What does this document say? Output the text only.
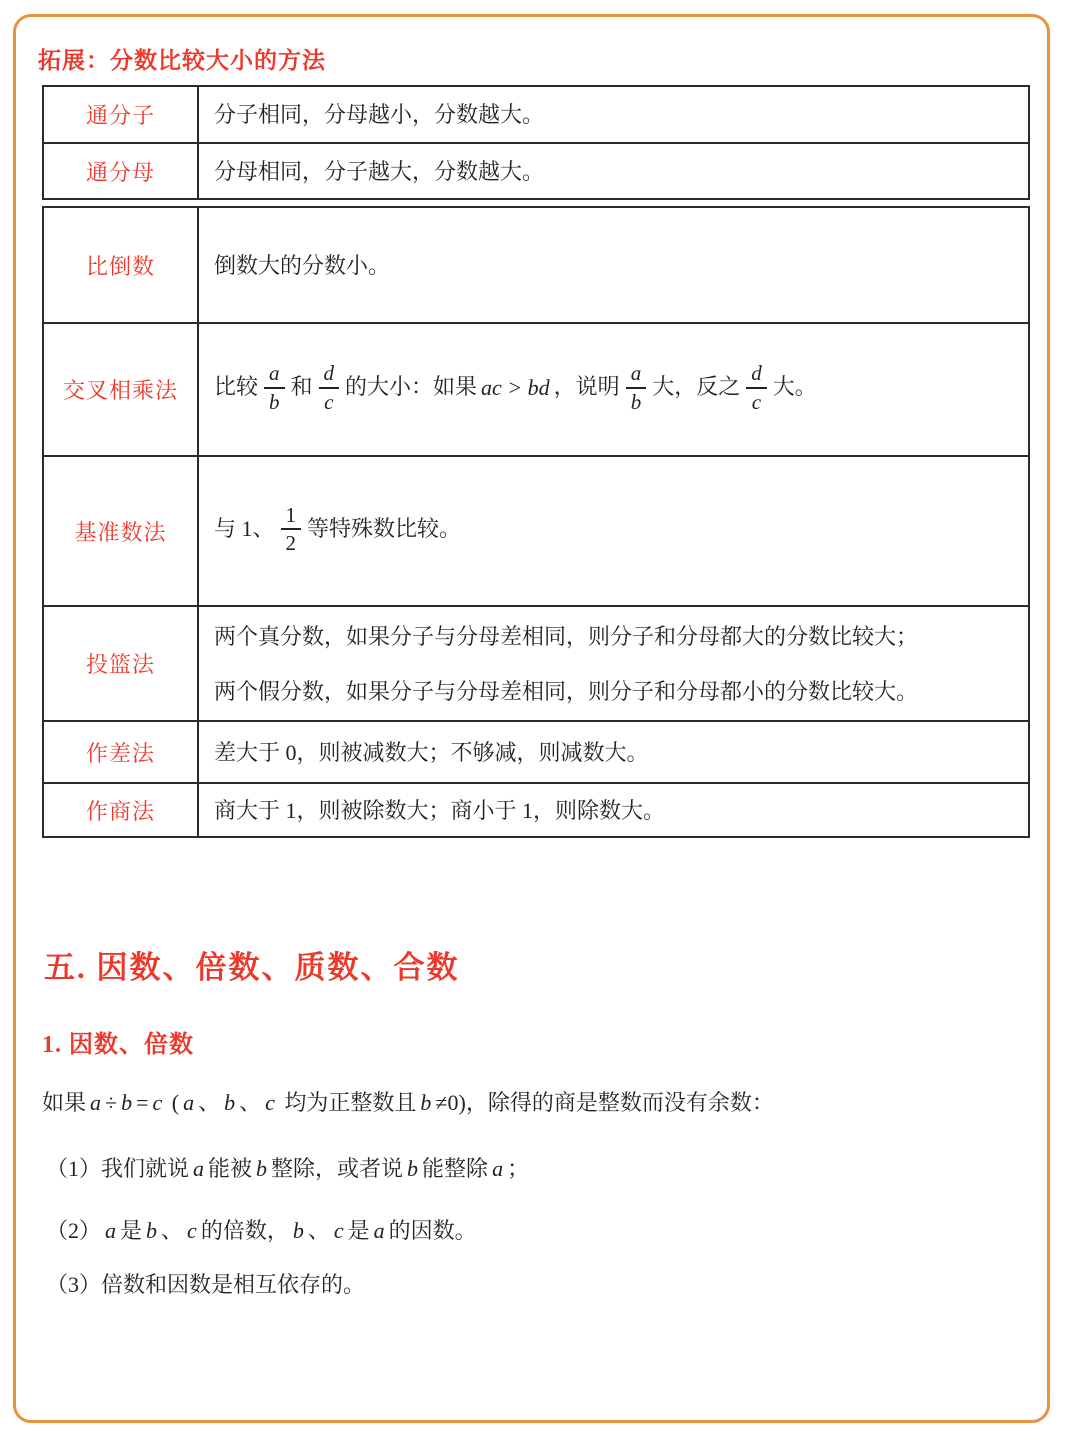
拓展：分数比较大小的方法
通分子	分子相同，分母越小，分数越大。

通分母	分母相同，分子越大，分数越大。
比倒数	倒数大的分数小。

交叉相乘法	比较 $\frac{a}{b}$ 和 $\frac{d}{c}$ 的大小：如果 ac > bd ，说明 $\frac{a}{b}$ 大，反之 $\frac{d}{c}$ 大。

基准数法	与 1、 $\frac{1}{2}$ 等特殊数比较。

投篮法	两个真分数，如果分子与分母差相同，则分子和分母都大的分数比较大；
两个假分数，如果分子与分母差相同，则分子和分母都小的分数比较大。

作差法	差大于 0，则被减数大；不够减，则减数大。

作商法	商大于 1，则被除数大；商小于 1，则除数大。
五. 因数、倍数、质数、合数
1. 因数、倍数
如果 a ÷ b = c ( a 、 b 、 c 均为正整数且 b ≠0)，除得的商是整数而没有余数：
（1）我们就说 a 能被 b 整除，或者说 b 能整除 a ；
（2） a 是 b 、 c 的倍数， b 、 c 是 a 的因数。
（3）倍数和因数是相互依存的。
